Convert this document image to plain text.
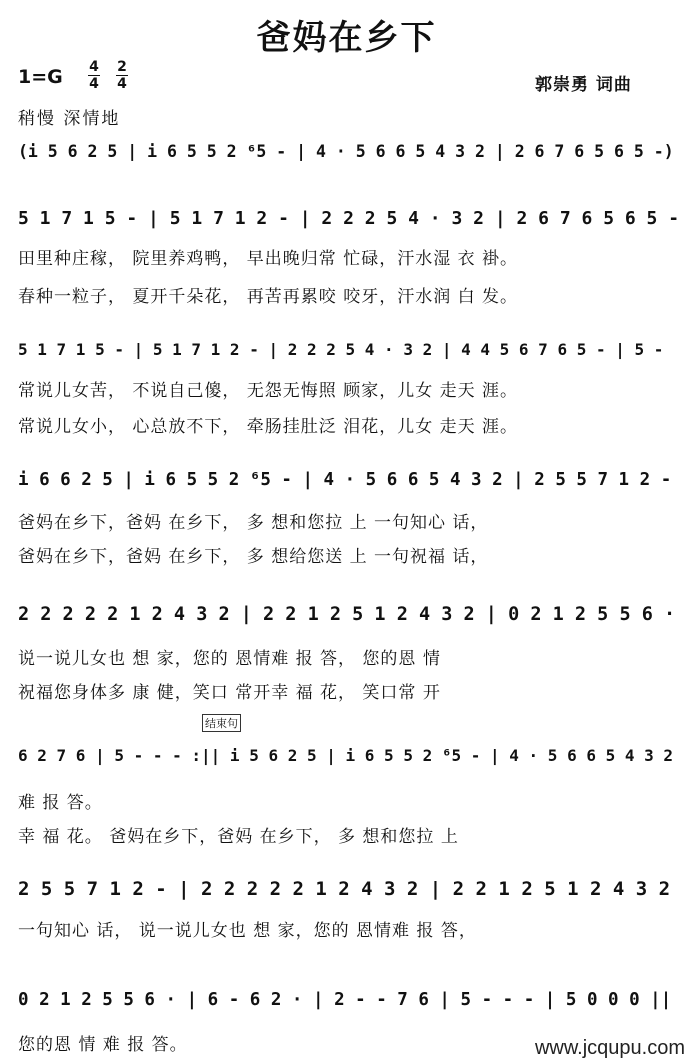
爸妈在乡下
1=G 4
4
2
4
稍慢 深情地
郭崇勇 词曲
(i 5 6 2 5 | i 6 5 5 2 ⁶5 - | 4 · 5 6 6 5 4 3 2 | 2 6 7 6 5 6 5 -)
5 1 7 1 5 - | 5 1 7 1 2 - | 2 2 2 5 4 · 3 2 | 2 6 7 6 5 6 5 -
田里种庄稼， 院里养鸡鸭， 早出晚归常 忙碌，汗水湿 衣 褂。
春种一粒子， 夏开千朵花， 再苦再累咬 咬牙，汗水润 白 发。
5 1 7 1 5 - | 5 1 7 1 2 - | 2 2 2 5 4 · 3 2 | 4 4 5 6 7 6 5 - | 5 -
常说儿女苦， 不说自己傻， 无怨无悔照 顾家，儿女 走天 涯。
常说儿女小， 心总放不下， 牵肠挂肚泛 泪花，儿女 走天 涯。
i 6 6 2 5 | i 6 5 5 2 ⁶5 - | 4 · 5 6 6 5 4 3 2 | 2 5 5 7 1 2 -
爸妈在乡下，爸妈 在乡下， 多 想和您拉 上 一句知心 话，
爸妈在乡下，爸妈 在乡下， 多 想给您送 上 一句祝福 话，
2 2 2 2 2 1 2 4 3 2 | 2 2 1 2 5 1 2 4 3 2 | 0 2 1 2 5 5 6 ·
说一说儿女也 想 家，您的 恩情难 报 答， 您的恩 情
祝福您身体多 康 健，笑口 常开幸 福 花， 笑口常 开
结束句
6 2 7 6 | 5 - - - :|| i 5 6 2 5 | i 6 5 5 2 ⁶5 - | 4 · 5 6 6 5 4 3 2
难 报 答。
幸 福 花。 爸妈在乡下，爸妈 在乡下， 多 想和您拉 上
2 5 5 7 1 2 - | 2 2 2 2 2 1 2 4 3 2 | 2 2 1 2 5 1 2 4 3 2
一句知心 话， 说一说儿女也 想 家，您的 恩情难 报 答，
0 2 1 2 5 5 6 · | 6 - 6 2 · | 2 - - 7 6 | 5 - - - | 5 0 0 0 ||
您的恩 情 难 报 答。	www.jcqupu.com
